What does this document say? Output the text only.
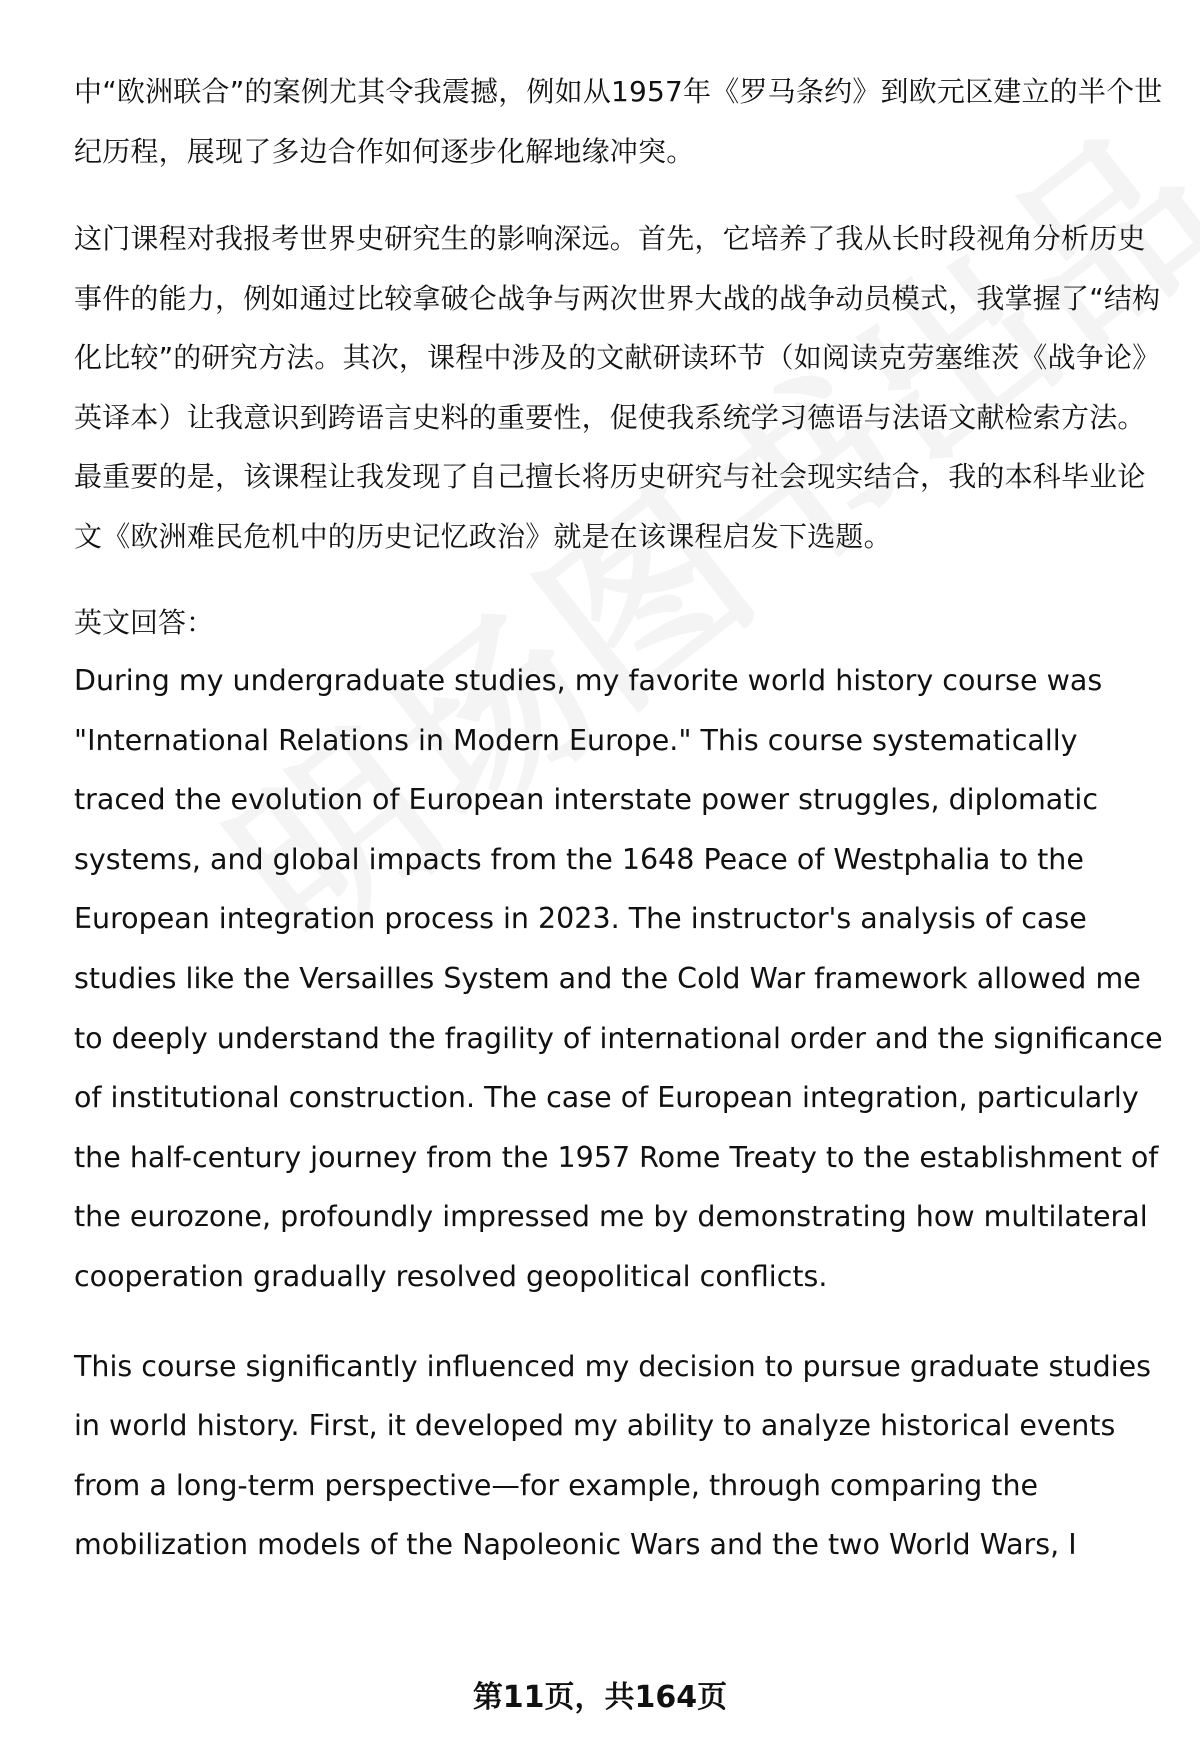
中“欧洲联合”的案例尤其令我震撼，例如从1957年《罗马条约》到欧元区建立的半个世纪历程，展现了多边合作如何逐步化解地缘冲突。

这门课程对我报考世界史研究生的影响深远。首先，它培养了我从长时段视角分析历史事件的能力，例如通过比较拿破仑战争与两次世界大战的战争动员模式，我掌握了“结构化比较”的研究方法。其次，课程中涉及的文献研读环节（如阅读克劳塞维茨《战争论》英译本）让我意识到跨语言史料的重要性，促使我系统学习德语与法语文献检索方法。最重要的是，该课程让我发现了自己擅长将历史研究与社会现实结合，我的本科毕业论文《欧洲难民危机中的历史记忆政治》就是在该课程启发下选题。

英文回答：

During my undergraduate studies, my favorite world history course was "International Relations in Modern Europe." This course systematically traced the evolution of European interstate power struggles, diplomatic systems, and global impacts from the 1648 Peace of Westphalia to the European integration process in 2023. The instructor's analysis of case studies like the Versailles System and the Cold War framework allowed me to deeply understand the fragility of international order and the significance of institutional construction. The case of European integration, particularly the half-century journey from the 1957 Rome Treaty to the establishment of the eurozone, profoundly impressed me by demonstrating how multilateral cooperation gradually resolved geopolitical conflicts.

This course significantly influenced my decision to pursue graduate studies in world history. First, it developed my ability to analyze historical events from a long-term perspective—for example, through comparing the mobilization models of the Napoleonic Wars and the two World Wars, I

第11页，共164页
